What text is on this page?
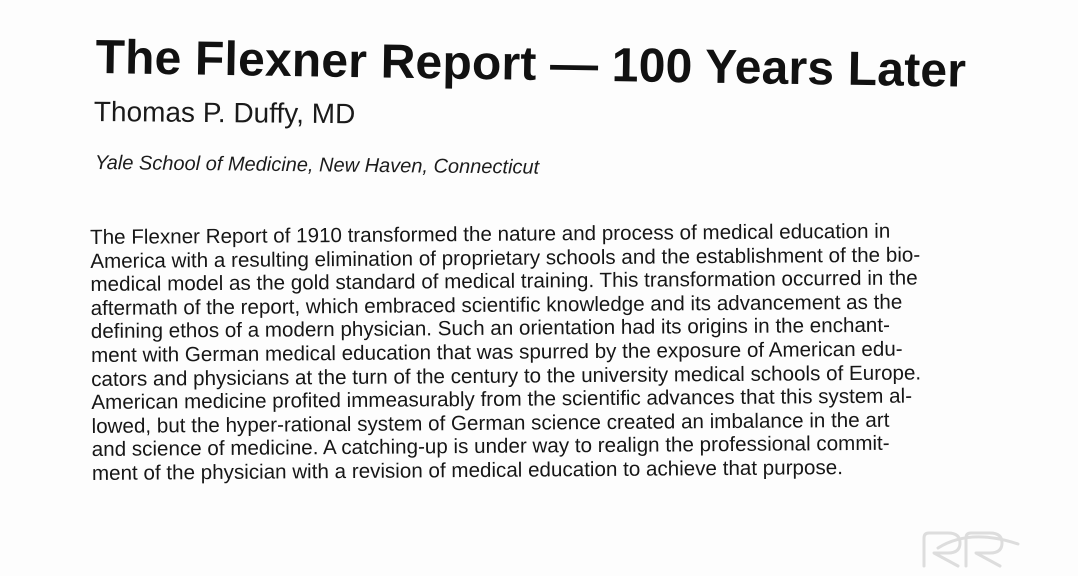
The Flexner Report — 100 Years Later
Thomas P. Duffy, MD
Yale School of Medicine, New Haven, Connecticut
The Flexner Report of 1910 transformed the nature and process of medical education in
America with a resulting elimination of proprietary schools and the establishment of the bio-
medical model as the gold standard of medical training. This transformation occurred in the
aftermath of the report, which embraced scientific knowledge and its advancement as the
defining ethos of a modern physician. Such an orientation had its origins in the enchant-
ment with German medical education that was spurred by the exposure of American edu-
cators and physicians at the turn of the century to the university medical schools of Europe.
American medicine profited immeasurably from the scientific advances that this system al-
lowed, but the hyper-rational system of German science created an imbalance in the art
and science of medicine. A catching-up is under way to realign the professional commit-
ment of the physician with a revision of medical education to achieve that purpose.
